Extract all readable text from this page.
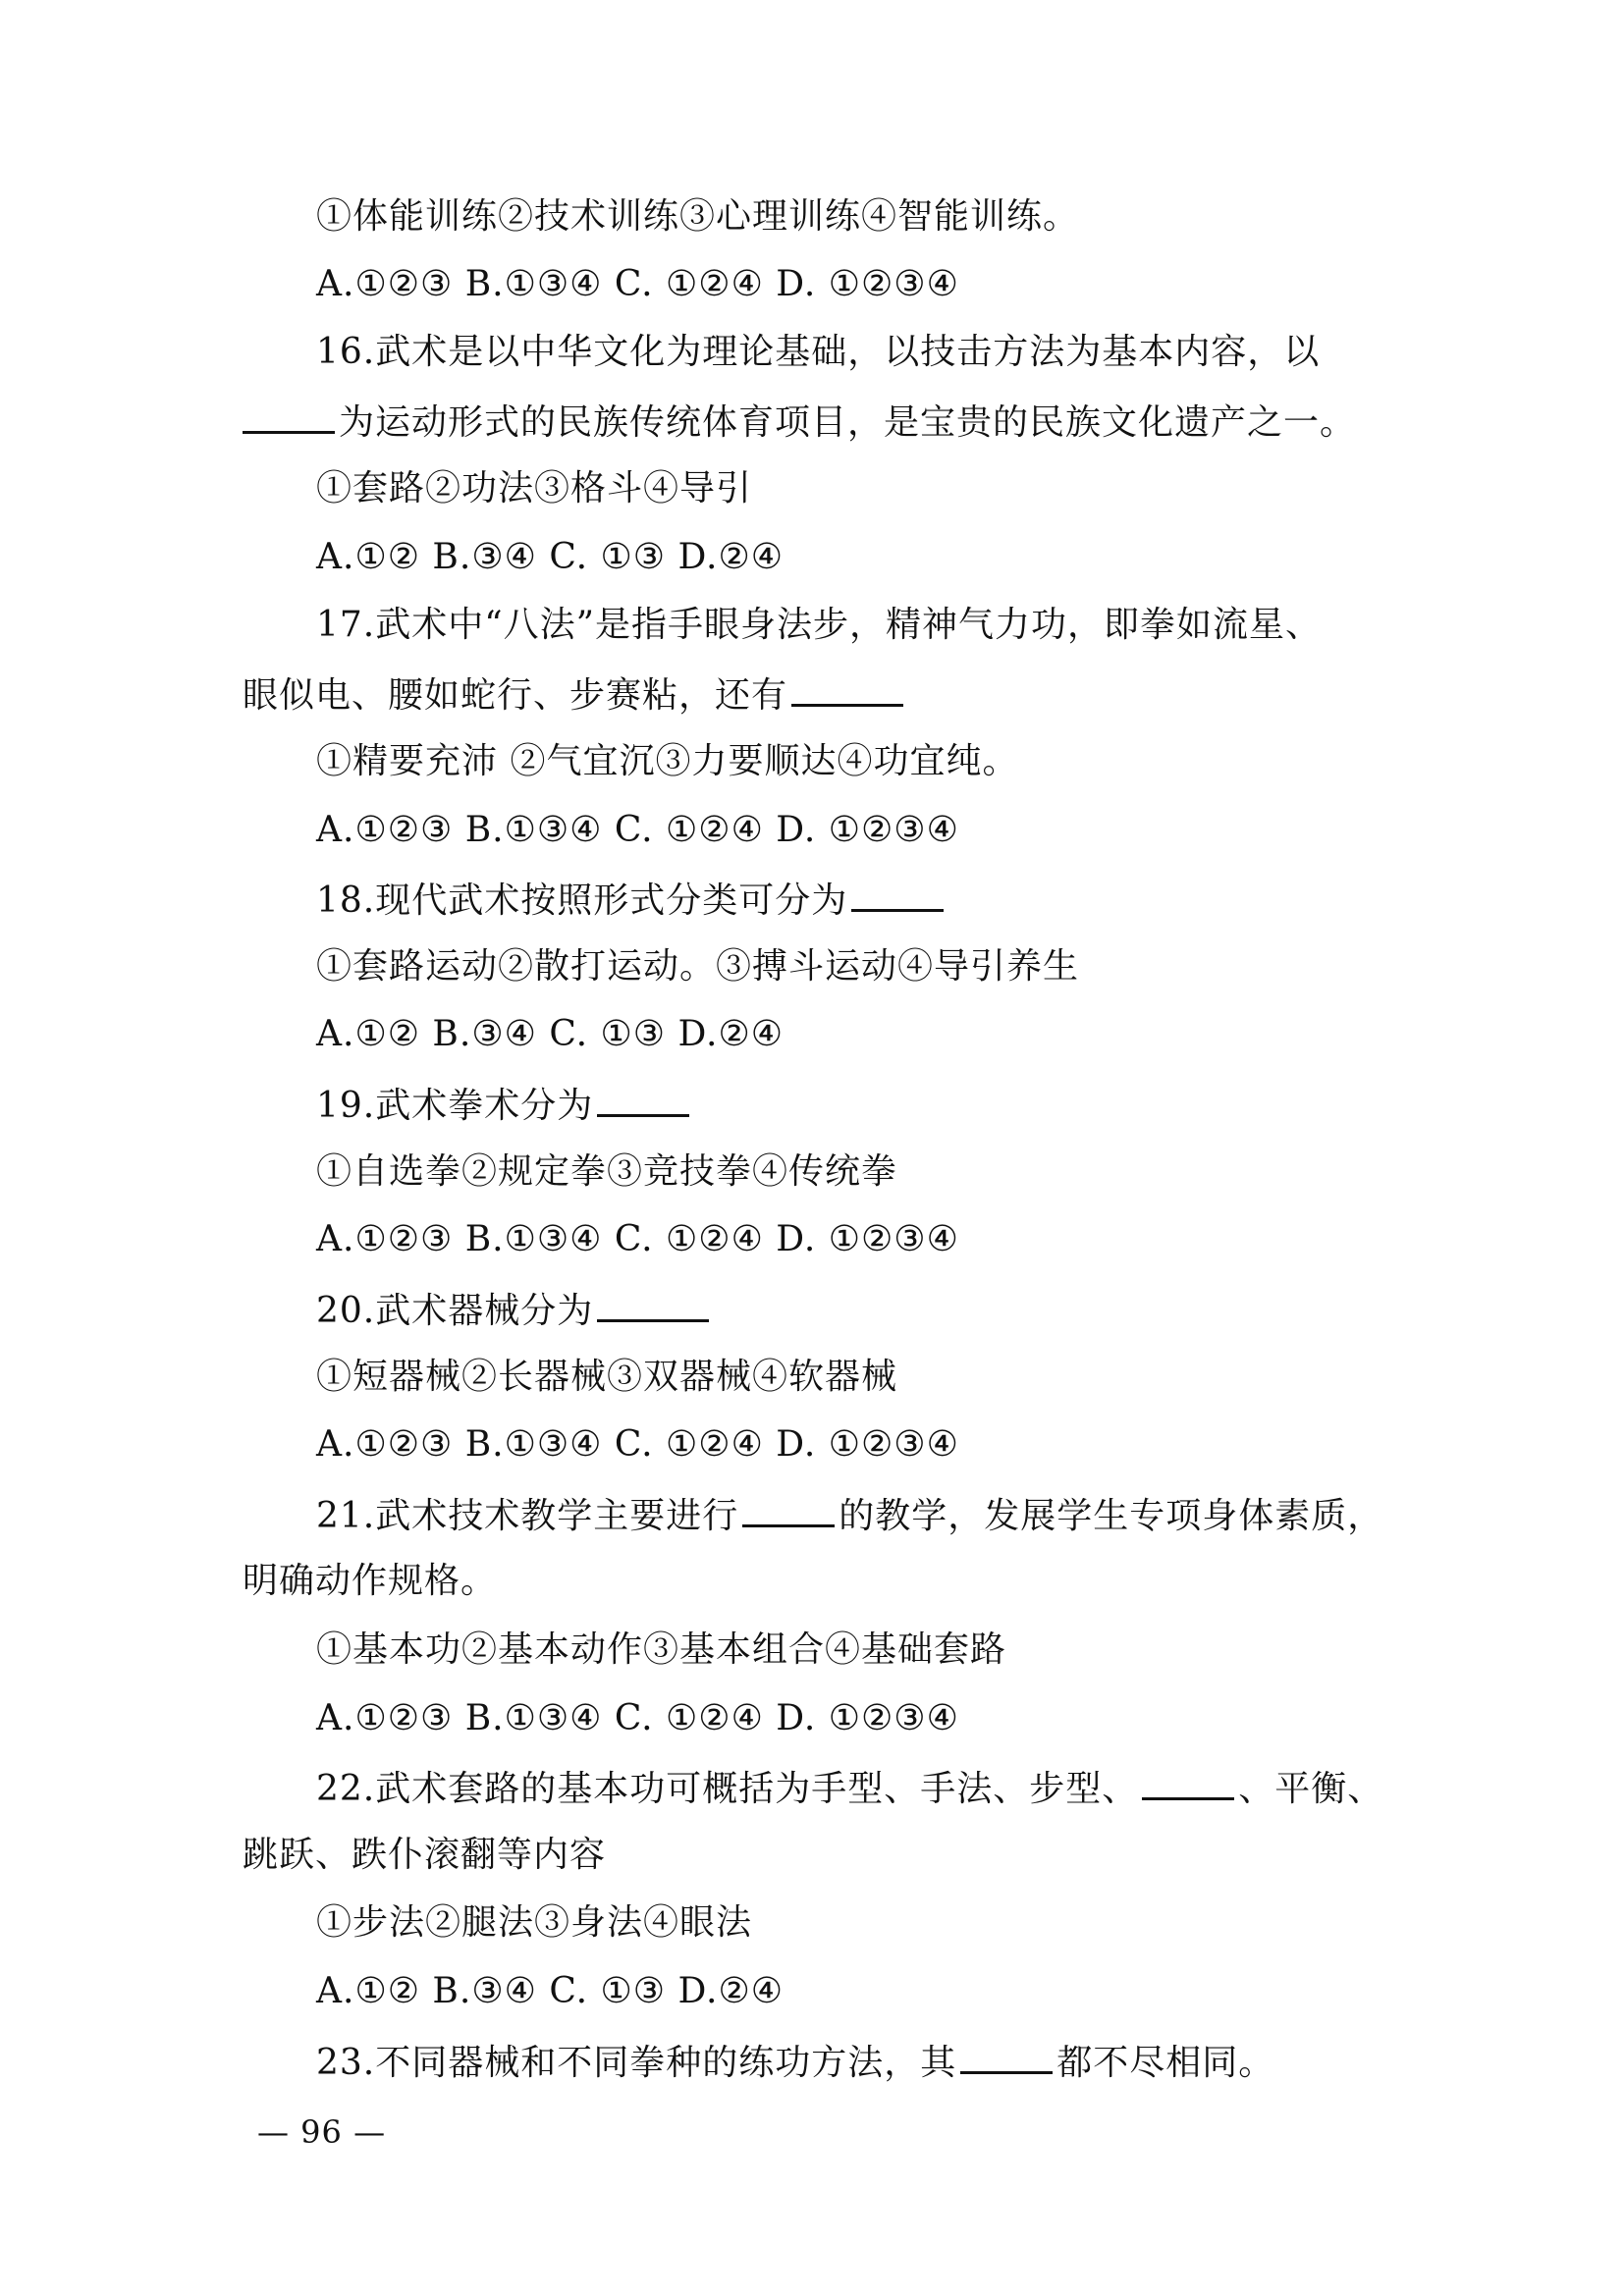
①体能训练②技术训练③心理训练④智能训练。
A.①②③ B.①③④ C. ①②④ D. ①②③④
16.武术是以中华文化为理论基础，以技击方法为基本内容，以
为运动形式的民族传统体育项目，是宝贵的民族文化遗产之一。
①套路②功法③格斗④导引
A.①② B.③④ C. ①③ D.②④
17.武术中“八法”是指手眼身法步，精神气力功，即拳如流星、
眼似电、腰如蛇行、步赛粘，还有
①精要充沛 ②气宜沉③力要顺达④功宜纯。
A.①②③ B.①③④ C. ①②④ D. ①②③④
18.现代武术按照形式分类可分为
①套路运动②散打运动。③搏斗运动④导引养生
A.①② B.③④ C. ①③ D.②④
19.武术拳术分为
①自选拳②规定拳③竞技拳④传统拳
A.①②③ B.①③④ C. ①②④ D. ①②③④
20.武术器械分为
①短器械②长器械③双器械④软器械
A.①②③ B.①③④ C. ①②④ D. ①②③④
21.武术技术教学主要进行	的教学，发展学生专项身体素质，
明确动作规格。
①基本功②基本动作③基本组合④基础套路
A.①②③ B.①③④ C. ①②④ D. ①②③④
22.武术套路的基本功可概括为手型、手法、步型、	、平衡、
跳跃、跌仆滚翻等内容
①步法②腿法③身法④眼法
A.①② B.③④ C. ①③ D.②④
23.不同器械和不同拳种的练功方法，其	都不尽相同。
— 96 —
